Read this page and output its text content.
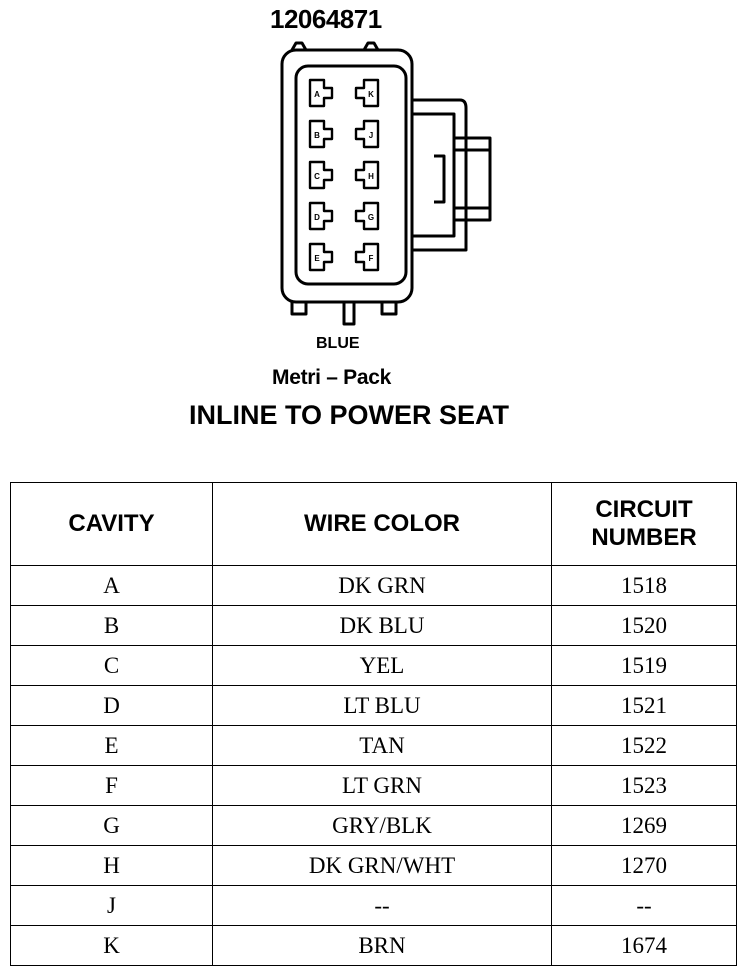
12064871
A
B
C
D
E
K
J
H
G
F
BLUE
Metri – Pack
INLINE TO POWER SEAT
CAVITY	WIRE COLOR	CIRCUIT
NUMBER
A	DK GRN	1518
B	DK BLU	1520
C	YEL	1519
D	LT BLU	1521
E	TAN	1522
F	LT GRN	1523
G	GRY/BLK	1269
H	DK GRN/WHT	1270
J	--	--
K	BRN	1674
